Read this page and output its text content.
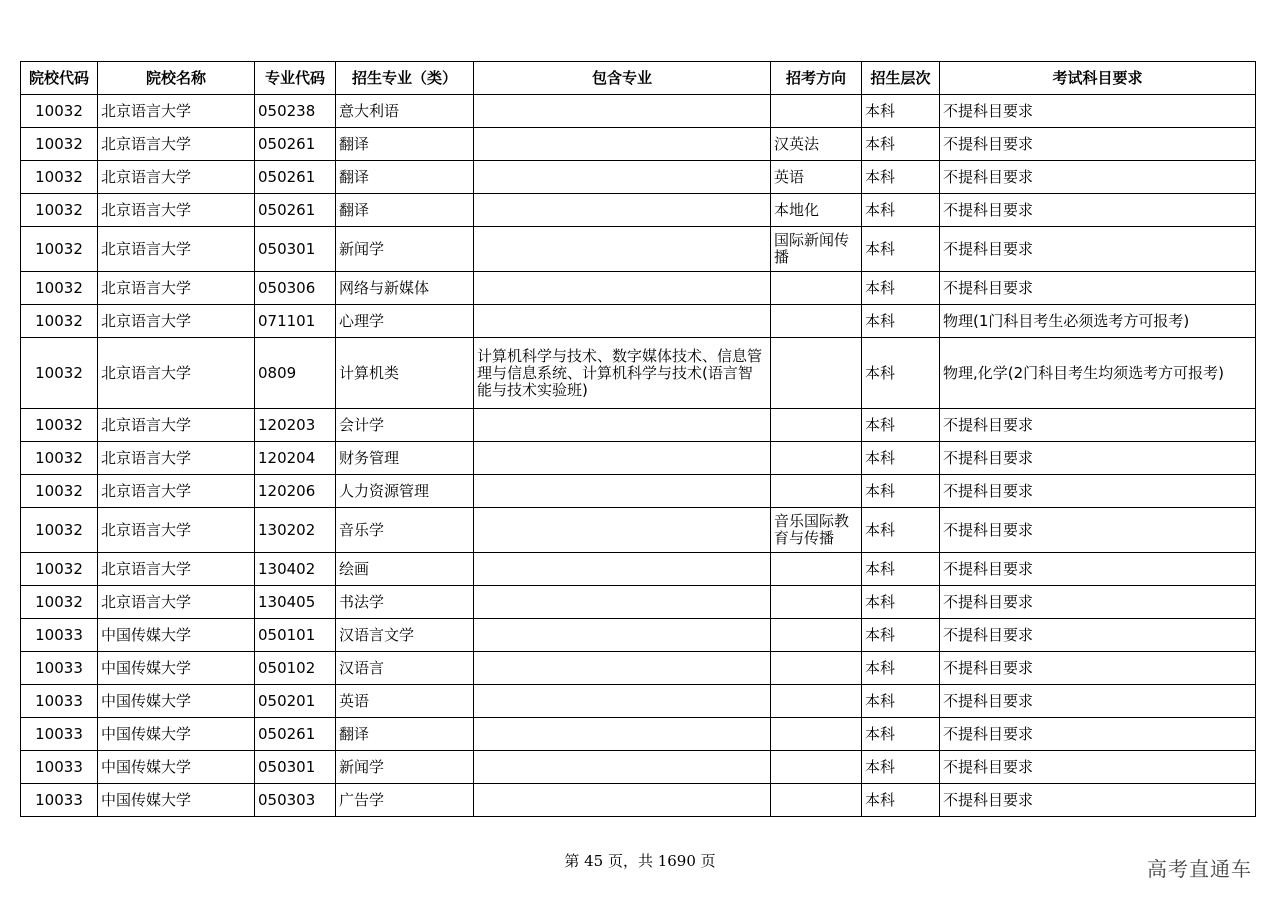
院校代码	院校名称	专业代码	招生专业（类）	包含专业	招考方向	招生层次	考试科目要求
10032	北京语言大学	050238	意大利语			本科	不提科目要求
10032	北京语言大学	050261	翻译		汉英法	本科	不提科目要求
10032	北京语言大学	050261	翻译		英语	本科	不提科目要求
10032	北京语言大学	050261	翻译		本地化	本科	不提科目要求
10032	北京语言大学	050301	新闻学		国际新闻传播	本科	不提科目要求
10032	北京语言大学	050306	网络与新媒体			本科	不提科目要求
10032	北京语言大学	071101	心理学			本科	物理(1门科目考生必须选考方可报考)
10032	北京语言大学	0809	计算机类	计算机科学与技术、数字媒体技术、信息管理与信息系统、计算机科学与技术(语言智能与技术实验班)		本科	物理,化学(2门科目考生均须选考方可报考)
10032	北京语言大学	120203	会计学			本科	不提科目要求
10032	北京语言大学	120204	财务管理			本科	不提科目要求
10032	北京语言大学	120206	人力资源管理			本科	不提科目要求
10032	北京语言大学	130202	音乐学		音乐国际教育与传播	本科	不提科目要求
10032	北京语言大学	130402	绘画			本科	不提科目要求
10032	北京语言大学	130405	书法学			本科	不提科目要求
10033	中国传媒大学	050101	汉语言文学			本科	不提科目要求
10033	中国传媒大学	050102	汉语言			本科	不提科目要求
10033	中国传媒大学	050201	英语			本科	不提科目要求
10033	中国传媒大学	050261	翻译			本科	不提科目要求
10033	中国传媒大学	050301	新闻学			本科	不提科目要求
10033	中国传媒大学	050303	广告学			本科	不提科目要求
第 45 页，共 1690 页	高考直通车
